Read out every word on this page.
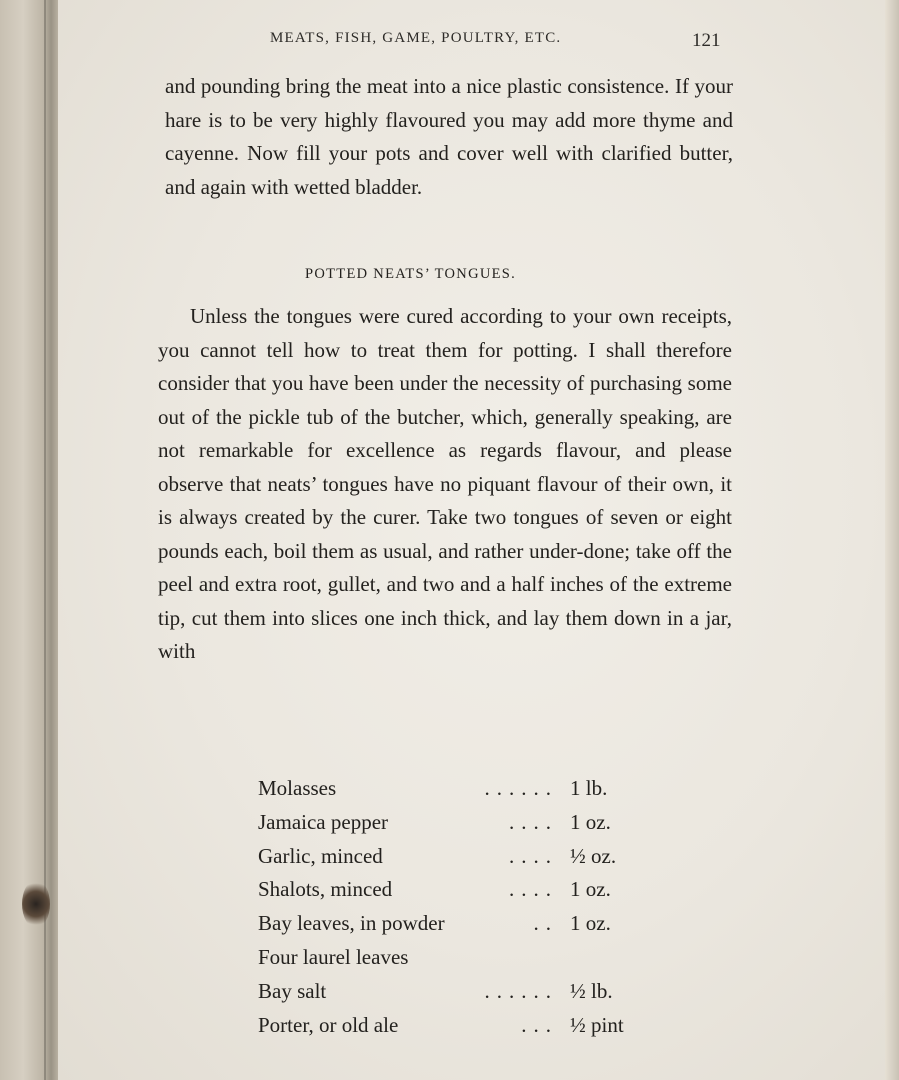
MEATS, FISH, GAME, POULTRY, ETC.	121
and pounding bring the meat into a nice plastic consistence. If your hare is to be very highly flavoured you may add more thyme and cayenne. Now fill your pots and cover well with clarified butter, and again with wetted bladder.
POTTED NEATS’ TONGUES.
Unless the tongues were cured according to your own receipts, you cannot tell how to treat them for potting. I shall therefore consider that you have been under the necessity of purchasing some out of the pickle tub of the butcher, which, generally speaking, are not remarkable for excellence as regards flavour, and please observe that neats’ tongues have no piquant flavour of their own, it is always created by the curer. Take two tongues of seven or eight pounds each, boil them as usual, and rather under-done; take off the peel and extra root, gullet, and two and a half inches of the extreme tip, cut them into slices one inch thick, and lay them down in a jar, with
Molasses	...... 1 lb.
Jamaica pepper	.... 1 oz.
Garlic, minced	.... ½ oz.
Shalots, minced	.... 1 oz.
Bay leaves, in powder	.. 1 oz.
Four laurel leaves
Bay salt	...... ½ lb.
Porter, or old ale	... ½ pint
